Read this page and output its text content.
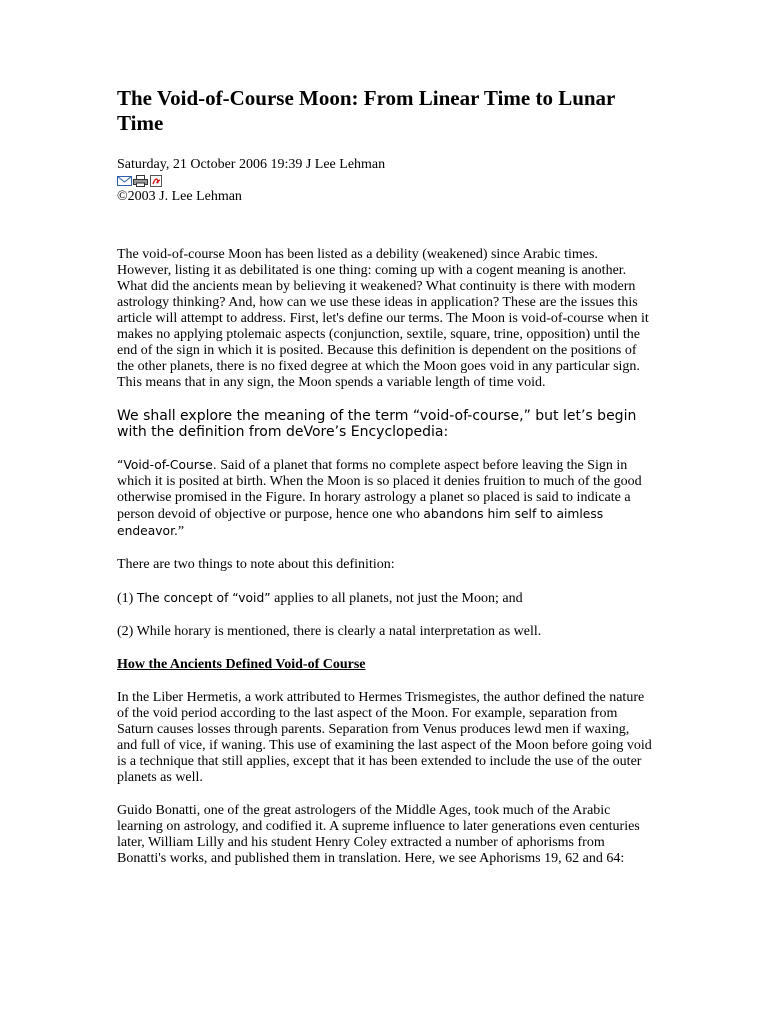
The Void-of-Course Moon: From Linear Time to Lunar Time

Saturday, 21 October 2006 19:39 J Lee Lehman

©2003 J. Lee Lehman

The void-of-course Moon has been listed as a debility (weakened) since Arabic times. However, listing it as debilitated is one thing: coming up with a cogent meaning is another. What did the ancients mean by believing it weakened? What continuity is there with modern astrology thinking? And, how can we use these ideas in application? These are the issues this article will attempt to address. First, let's define our terms. The Moon is void-of-course when it makes no applying ptolemaic aspects (conjunction, sextile, square, trine, opposition) until the end of the sign in which it is posited. Because this definition is dependent on the positions of the other planets, there is no fixed degree at which the Moon goes void in any particular sign. This means that in any sign, the Moon spends a variable length of time void.

We shall explore the meaning of the term “void-of-course,” but let’s begin with the definition from deVore’s Encyclopedia:

“Void-of-Course. Said of a planet that forms no complete aspect before leaving the Sign in which it is posited at birth. When the Moon is so placed it denies fruition to much of the good otherwise promised in the Figure. In horary astrology a planet so placed is said to indicate a person devoid of objective or purpose, hence one who abandons him self to aimless endeavor.”

There are two things to note about this definition:

(1) The concept of “void” applies to all planets, not just the Moon; and

(2) While horary is mentioned, there is clearly a natal interpretation as well.

How the Ancients Defined Void-of Course

In the Liber Hermetis, a work attributed to Hermes Trismegistes, the author defined the nature of the void period according to the last aspect of the Moon. For example, separation from Saturn causes losses through parents. Separation from Venus produces lewd men if waxing, and full of vice, if waning. This use of examining the last aspect of the Moon before going void is a technique that still applies, except that it has been extended to include the use of the outer planets as well.

Guido Bonatti, one of the great astrologers of the Middle Ages, took much of the Arabic learning on astrology, and codified it. A supreme influence to later generations even centuries later, William Lilly and his student Henry Coley extracted a number of aphorisms from Bonatti's works, and published them in translation. Here, we see Aphorisms 19, 62 and 64:
